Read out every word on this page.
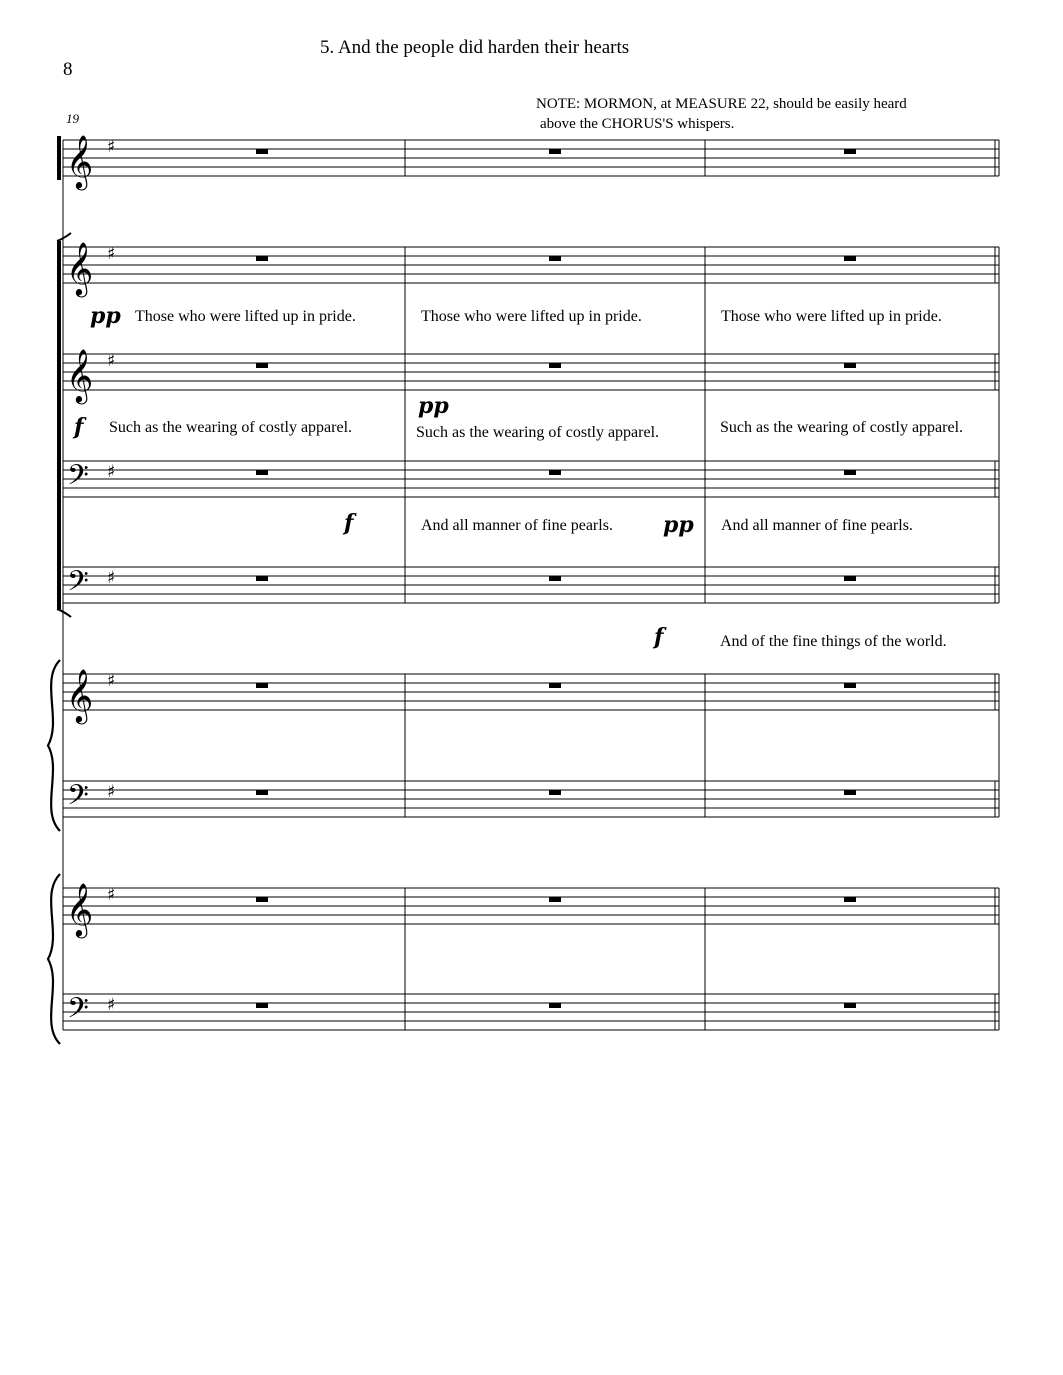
𝄞 ♯
𝄞 ♯
𝄞 ♯
𝄢 ♯
𝄢 ♯
𝄞 ♯
𝄢 ♯
𝄞 ♯
𝄢 ♯
5. And the people did harden their hearts
8
NOTE: MORMON, at MEASURE 22, should be easily heard
above the CHORUS'S whispers.
19
pp Those who were lifted up in pride.	Those who were lifted up in pride.	Those who were lifted up in pride.
f Such as the wearing of costly apparel.
pp
Such as the wearing of costly apparel.	Such as the wearing of costly apparel.
f	And all manner of fine pearls. pp And all manner of fine pearls.
f	And of the fine things of the world.
